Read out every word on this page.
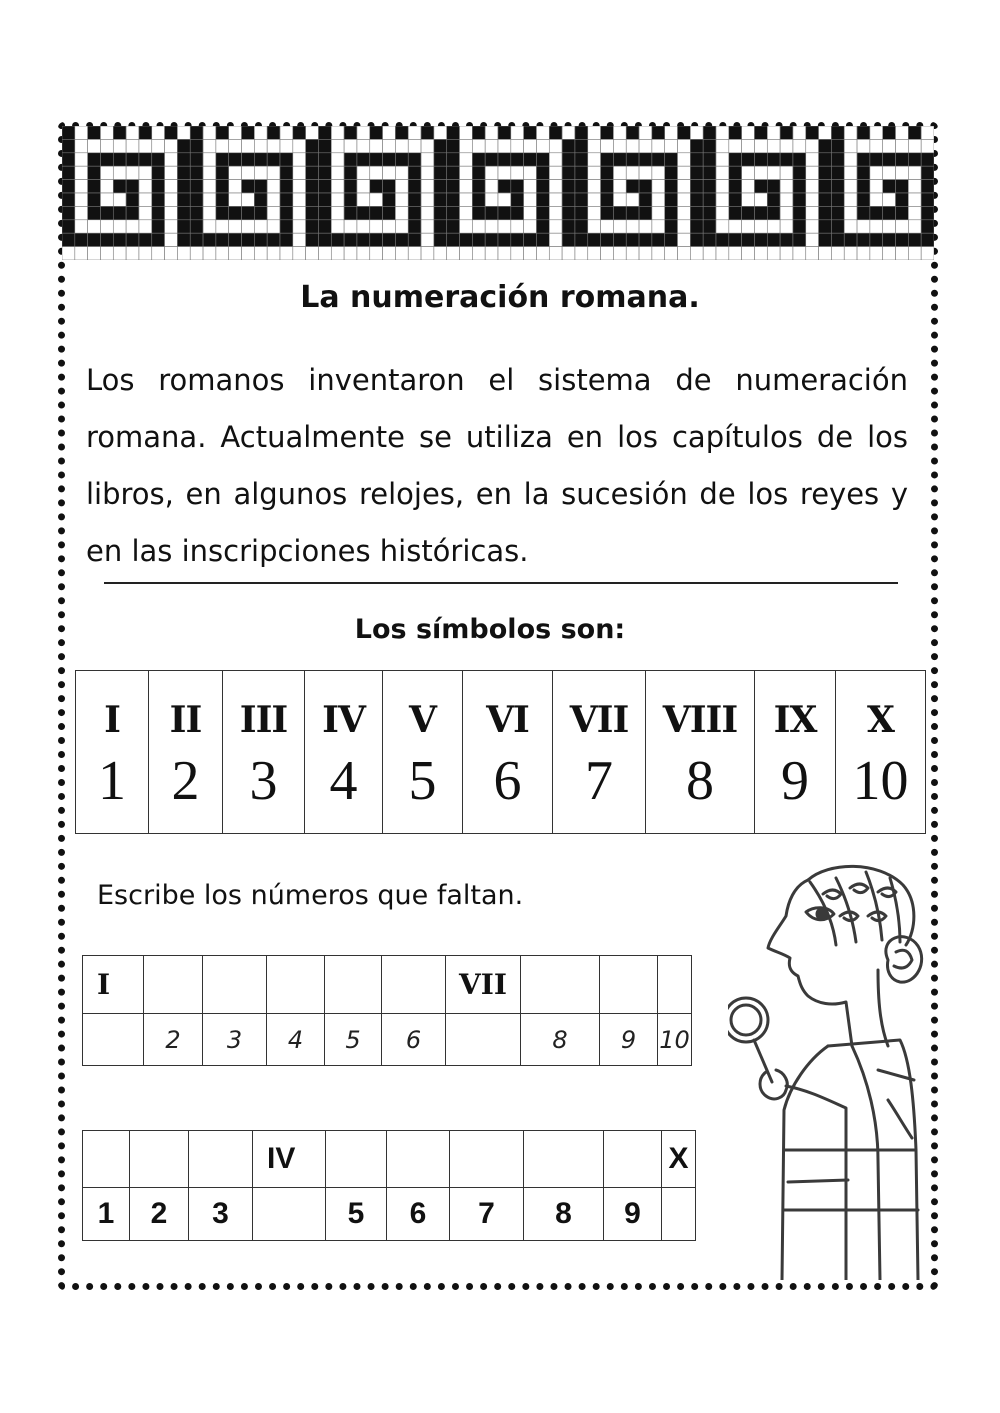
La numeración romana.

Los romanos inventaron el sistema de numeración romana. Actualmente se utiliza en los capítulos de los libros, en algunos relojes, en la sucesión de los reyes y en las inscripciones históricas.

Los símbolos son:
I	II	III	IV	V	VI	VII	VIII	IX	X
1	2	3	4	5	6	7	8	9	10

Escribe los números que faltan.

I						VII			
	2	3	4	5	6		8	9	10
			IV						X
1	2	3		5	6	7	8	9	
